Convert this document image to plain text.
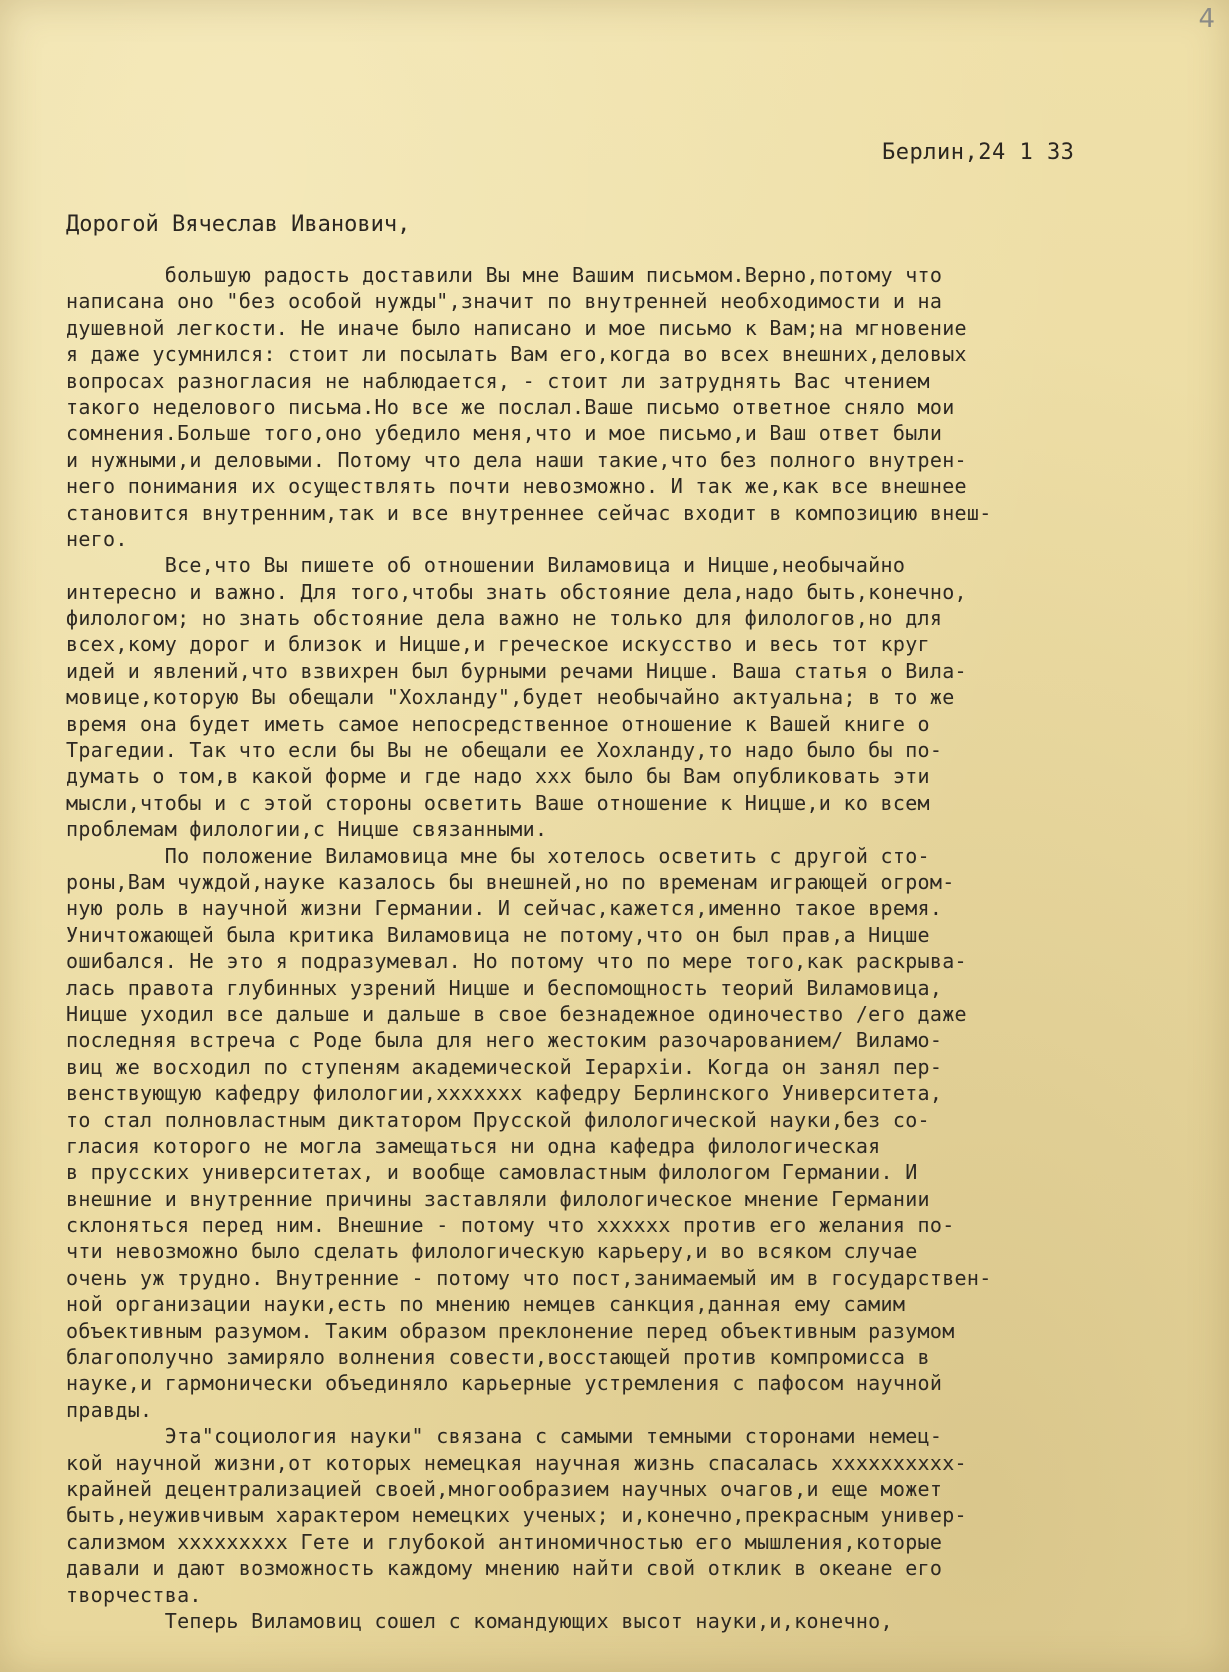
4
Берлин,24 1 33
Дорогой Вячеслав Иванович,
большую радость доставили Вы мне Вашим письмом.Верно,потому что
написана оно "без особой нужды",значит по внутренней необходимости и на
душевной легкости. Не иначе было написано и мое письмо к Вам;на мгновение
я даже усумнился: стоит ли посылать Вам его,когда во всех внешних,деловых
вопросах разногласия не наблюдается, - стоит ли затруднять Вас чтением
такого неделового письма.Но все же послал.Ваше письмо ответное сняло мои
сомнения.Больше того,оно убедило меня,что и мое письмо,и Ваш ответ были
и нужными,и деловыми. Потому что дела наши такие,что без полного внутрен-
него понимания их осуществлять почти невозможно. И так же,как все внешнее
становится внутренним,так и все внутреннее сейчас входит в композицию внеш-
него.
Все,что Вы пишете об отношении Виламовица и Ницше,необычайно
интересно и важно. Для того,чтобы знать обстояние дела,надо быть,конечно,
филологом; но знать обстояние дела важно не только для филологов,но для
всех,кому дорог и близок и Ницше,и греческое искусство и весь тот круг
идей и явлений,что взвихрен был бурными речами Ницше. Ваша статья о Вила-
мовице,которую Вы обещали "Хохланду",будет необычайно актуальна; в то же
время она будет иметь самое непосредственное отношение к Вашей книге о
Трагедии. Так что если бы Вы не обещали ее Хохланду,то надо было бы по-
думать о том,в какой форме и где надо xxx было бы Вам опубликовать эти
мысли,чтобы и с этой стороны осветить Ваше отношение к Ницше,и ко всем
проблемам филологии,с Ницше связанными.
По положение Виламовица мне бы хотелось осветить с другой сто-
роны,Вам чуждой,науке казалось бы внешней,но по временам играющей огром-
ную роль в научной жизни Германии. И сейчас,кажется,именно такое время.
Уничтожающей была критика Виламовица не потому,что он был прав,а Ницше
ошибался. Не это я подразумевал. Но потому что по мере того,как раскрыва-
лась правота глубинных узрений Ницше и беспомощность теорий Виламовица,
Ницше уходил все дальше и дальше в свое безнадежное одиночество /его даже
последняя встреча с Роде была для него жестоким разочарованием/ Виламо-
виц же восходил по ступеням академической Iерархiи. Когда он занял пер-
венствующую кафедру филологии,xxxxxxx кафедру Берлинского Университета,
то стал полновластным диктатором Прусской филологической науки,без со-
гласия которого не могла замещаться ни одна кафедра филологическая
в прусских университетах, и вообще самовластным филологом Германии. И
внешние и внутренние причины заставляли филологическое мнение Германии
склоняться перед ним. Внешние - потому что xxxxxx против его желания по-
чти невозможно было сделать филологическую карьеру,и во всяком случае
очень уж трудно. Внутренние - потому что пост,занимаемый им в государствен-
ной организации науки,есть по мнению немцев санкция,данная ему самим
объективным разумом. Таким образом преклонение перед объективным разумом
благополучно замиряло волнения совести,восстающей против компромисса в
науке,и гармонически объединяло карьерные устремления с пафосом научной
правды.
Эта"социология науки" связана с самыми темными сторонами немец-
кой научной жизни,от которых немецкая научная жизнь спасалась xxxxxxxxxx-
крайней децентрализацией своей,многообразием научных очагов,и еще может
быть,неуживчивым характером немецких ученых; и,конечно,прекрасным универ-
сализмом xxxxxxxxx Гете и глубокой антиномичностью его мышления,которые
давали и дают возможность каждому мнению найти свой отклик в океане его
творчества.
Теперь Виламовиц сошел с командующих высот науки,и,конечно,
